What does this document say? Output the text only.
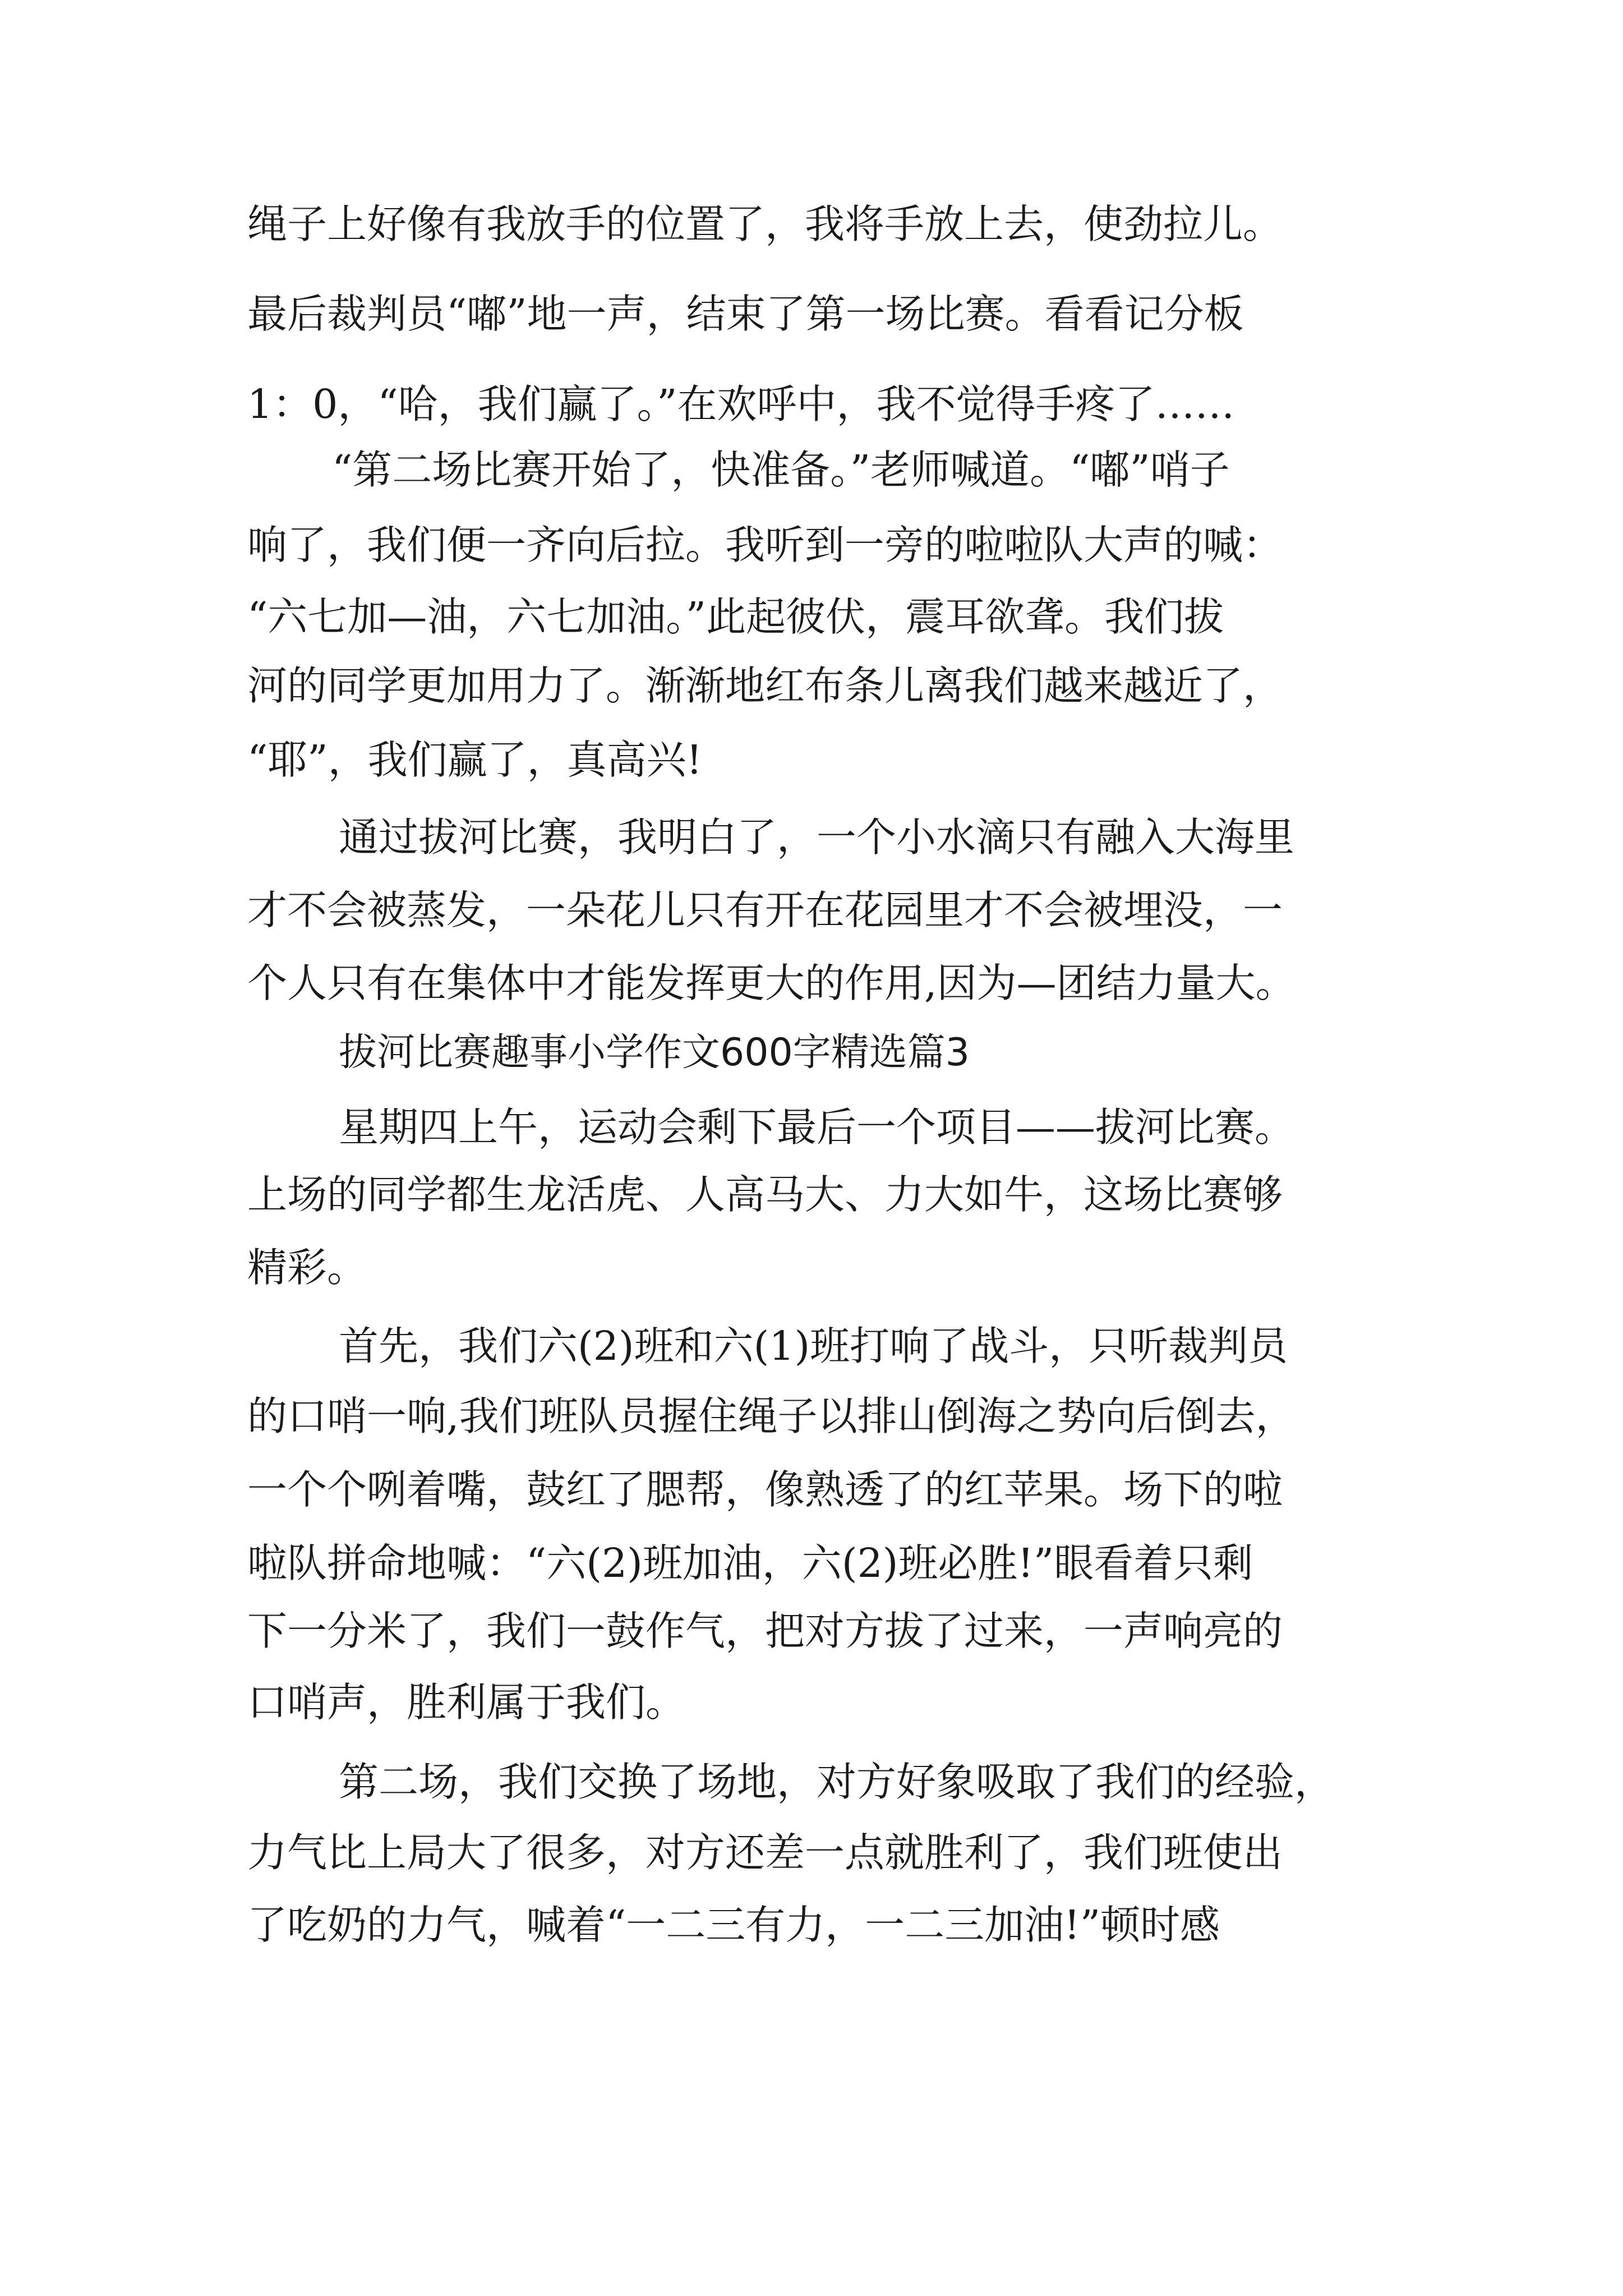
绳子上好像有我放手的位置了，我将手放上去，使劲拉儿。

最后裁判员“嘟”地一声，结束了第一场比赛。看看记分板

1：0，“哈，我们赢了。”在欢呼中，我不觉得手疼了……

“第二场比赛开始了，快准备。”老师喊道。“嘟”哨子

响了，我们便一齐向后拉。我听到一旁的啦啦队大声的喊：

“六七加—油，六七加油。”此起彼伏，震耳欲聋。我们拔

河的同学更加用力了。渐渐地红布条儿离我们越来越近了，

“耶”，我们赢了，真高兴!

通过拔河比赛，我明白了，一个小水滴只有融入大海里

才不会被蒸发，一朵花儿只有开在花园里才不会被埋没，一

个人只有在集体中才能发挥更大的作用,因为—团结力量大。

拔河比赛趣事小学作文600字精选篇3

星期四上午，运动会剩下最后一个项目——拔河比赛。

上场的同学都生龙活虎、人高马大、力大如牛，这场比赛够

精彩。

首先，我们六(2)班和六(1)班打响了战斗，只听裁判员

的口哨一响,我们班队员握住绳子以排山倒海之势向后倒去，

一个个咧着嘴，鼓红了腮帮，像熟透了的红苹果。场下的啦

啦队拼命地喊：“六(2)班加油，六(2)班必胜!”眼看着只剩

下一分米了，我们一鼓作气，把对方拔了过来，一声响亮的

口哨声，胜利属于我们。

第二场，我们交换了场地，对方好象吸取了我们的经验，

力气比上局大了很多，对方还差一点就胜利了，我们班使出

了吃奶的力气，喊着“一二三有力，一二三加油!”顿时感
